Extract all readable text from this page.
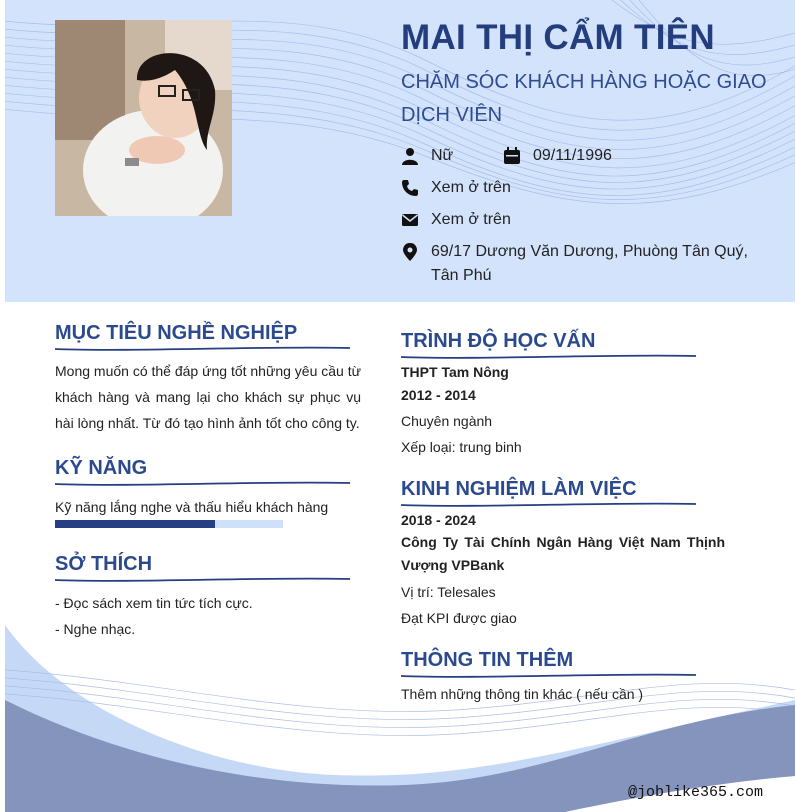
MAI THỊ CẨM TIÊN

CHĂM SÓC KHÁCH HÀNG HOẶC GIAO DỊCH VIÊN

Nữ	09/11/1996
Xem ở trên
Xem ở trên
69/17 Dương Văn Dương, Phuòng Tân Quý, Tân Phú
MỤC TIÊU NGHỀ NGHIỆP

Mong muốn có thể đáp ứng tốt những yêu cầu từ khách hàng và mang lại cho khách sự phục vụ hài lòng nhất. Từ đó tạo hình ảnh tốt cho công ty.

KỸ NĂNG
Kỹ năng lắng nghe và thấu hiểu khách hàng
SỞ THÍCH
- Đọc sách xem tin tức tích cực.
- Nghe nhạc.
TRÌNH ĐỘ HỌC VẤN
THPT Tam Nông
2012 - 2014
Chuyên ngành
Xếp loại: trung binh
KINH NGHIỆM LÀM VIỆC
2018 - 2024
Công Ty Tài Chính Ngân Hàng Việt Nam Thịnh Vượng VPBank
Vị trí: Telesales
Đạt KPI được giao
THÔNG TIN THÊM
Thêm những thông tin khác ( nếu cần )
@joblike365.com
